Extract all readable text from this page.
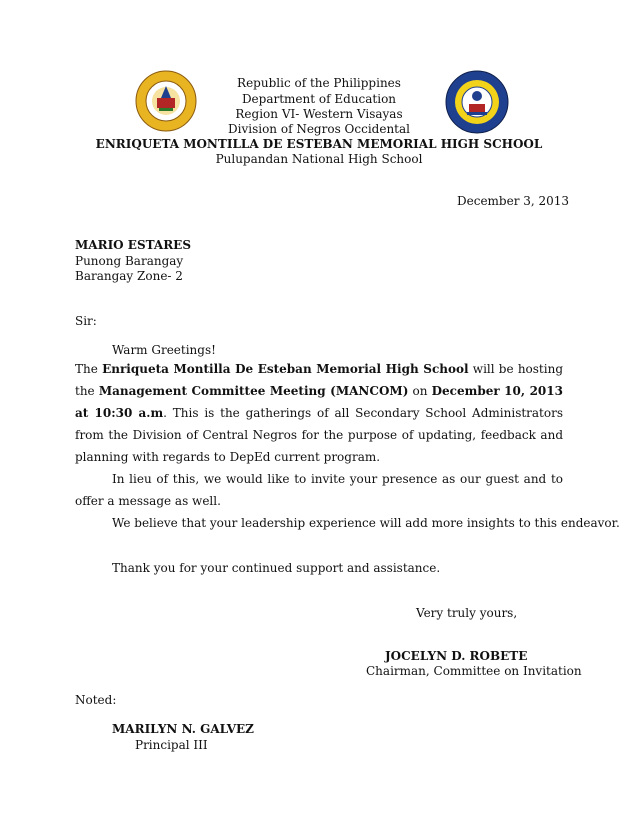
Republic of the Philippines
Department of Education
Region VI- Western Visayas
Division of Negros Occidental
ENRIQUETA MONTILLA DE ESTEBAN MEMORIAL HIGH SCHOOL
Pulupandan National High School
December 3, 2013
MARIO ESTARES
Punong Barangay
Barangay Zone- 2
Sir:
Warm Greetings!
The Enriqueta Montilla De Esteban Memorial High School will be hosting the Management Committee Meeting (MANCOM) on December 10, 2013 at 10:30 a.m. This is the gatherings of all Secondary School Administrators from the Division of Central Negros for the purpose of updating, feedback and planning with regards to DepEd current program.
In lieu of this, we would like to invite your presence as our guest and to offer a message as well.
We believe that your leadership experience will add more insights to this endeavor.
Thank you for your continued support and assistance.
Very truly yours,
JOCELYN D. ROBETE
Chairman, Committee on Invitation
Noted:
MARILYN N. GALVEZ
Principal III
